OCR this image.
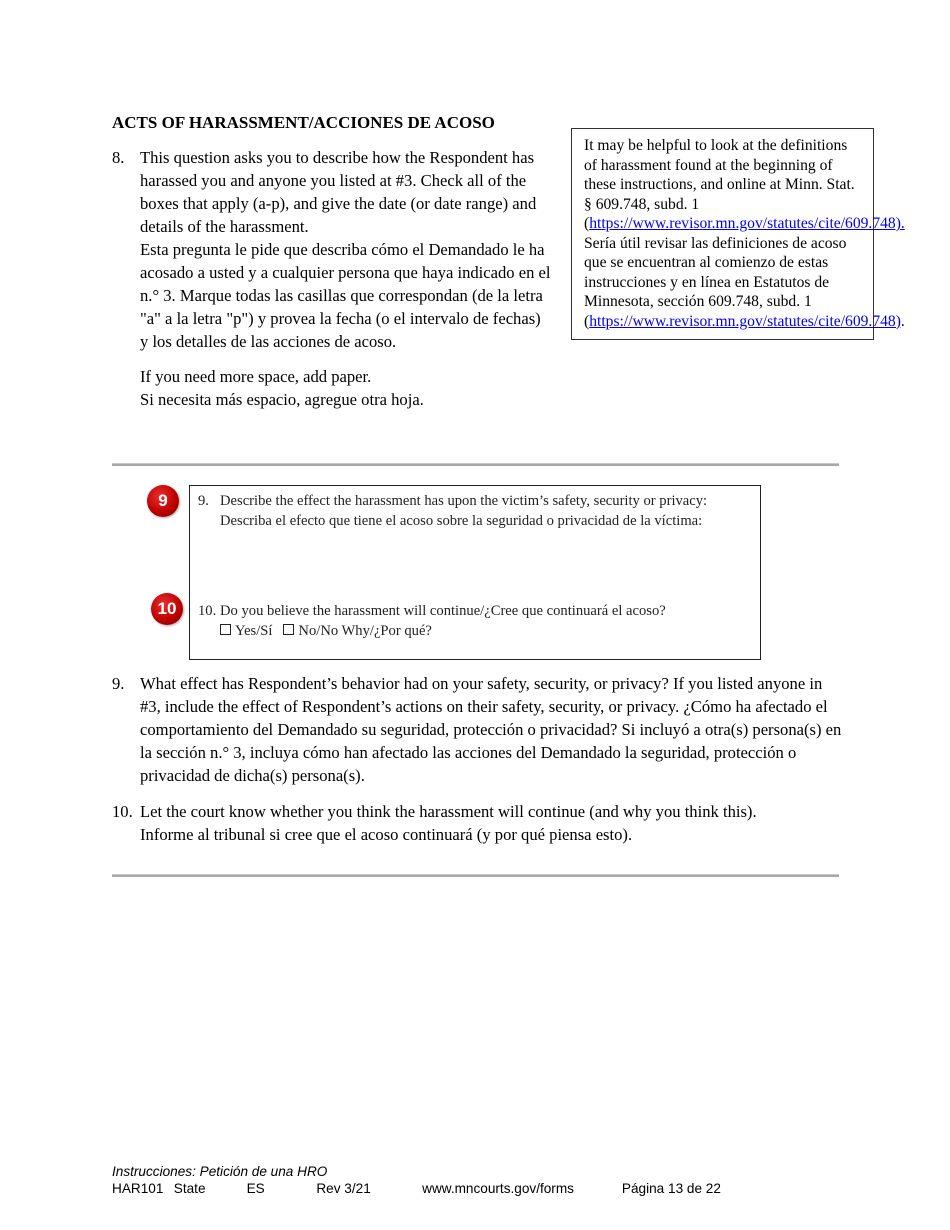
ACTS OF HARASSMENT/ACCIONES DE ACOSO
8. This question asks you to describe how the Respondent has harassed you and anyone you listed at #3. Check all of the boxes that apply (a-p), and give the date (or date range) and details of the harassment.
Esta pregunta le pide que describa cómo el Demandado le ha acosado a usted y a cualquier persona que haya indicado en el n.° 3. Marque todas las casillas que correspondan (de la letra "a" a la letra "p") y provea la fecha (o el intervalo de fechas) y los detalles de las acciones de acoso.
If you need more space, add paper.
Si necesita más espacio, agregue otra hoja.
It may be helpful to look at the definitions of harassment found at the beginning of these instructions, and online at Minn. Stat. § 609.748, subd. 1 (https://www.revisor.mn.gov/statutes/cite/609.748).
Sería útil revisar las definiciones de acoso que se encuentran al comienzo de estas instrucciones y en línea en Estatutos de Minnesota, sección 609.748, subd. 1 (https://www.revisor.mn.gov/statutes/cite/609.748).
9
10
9. Describe the effect the harassment has upon the victim’s safety, security or privacy:
Describa el efecto que tiene el acoso sobre la seguridad o privacidad de la víctima:
10. Do you believe the harassment will continue/¿Cree que continuará el acoso?
Yes/Sí No/No Why/¿Por qué?
9. What effect has Respondent’s behavior had on your safety, security, or privacy? If you listed anyone in #3, include the effect of Respondent’s actions on their safety, security, or privacy. ¿Cómo ha afectado el comportamiento del Demandado su seguridad, protección o privacidad? Si incluyó a otra(s) persona(s) en la sección n.° 3, incluya cómo han afectado las acciones del Demandado la seguridad, protección o privacidad de dicha(s) persona(s).
10. Let the court know whether you think the harassment will continue (and why you think this).
Informe al tribunal si cree que el acoso continuará (y por qué piensa esto).
Instrucciones: Petición de una HRO
HAR101 State	ES	Rev 3/21	www.mncourts.gov/forms	Página 13 de 22
